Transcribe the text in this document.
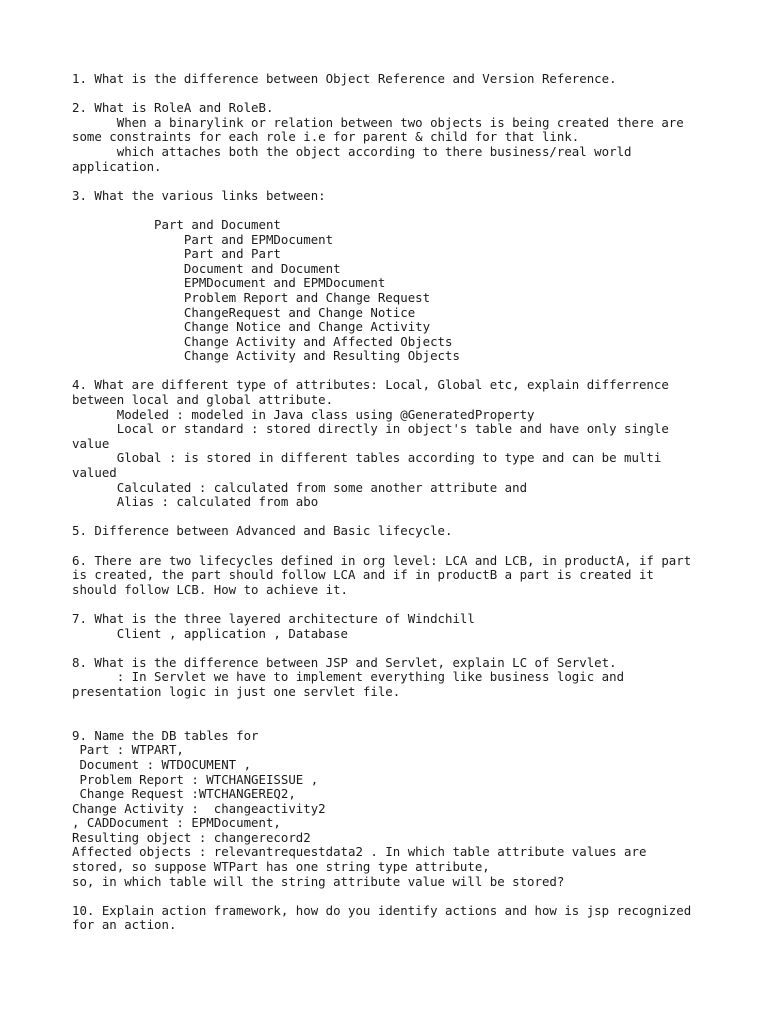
1. What is the difference between Object Reference and Version Reference.
2. What is RoleA and RoleB.
When a binarylink or relation between two objects is being created there are
some constraints for each role i.e for parent & child for that link.
which attaches both the object according to there business/real world
application.
3. What the various links between:
Part and Document
Part and EPMDocument
Part and Part
Document and Document
EPMDocument and EPMDocument
Problem Report and Change Request
ChangeRequest and Change Notice
Change Notice and Change Activity
Change Activity and Affected Objects
Change Activity and Resulting Objects
4. What are different type of attributes: Local, Global etc, explain differrence
between local and global attribute.
Modeled : modeled in Java class using @GeneratedProperty
Local or standard : stored directly in object's table and have only single
value
Global : is stored in different tables according to type and can be multi
valued
Calculated : calculated from some another attribute and
Alias : calculated from abo
5. Difference between Advanced and Basic lifecycle.
6. There are two lifecycles defined in org level: LCA and LCB, in productA, if part
is created, the part should follow LCA and if in productB a part is created it
should follow LCB. How to achieve it.
7. What is the three layered architecture of Windchill
Client , application , Database
8. What is the difference between JSP and Servlet, explain LC of Servlet.
: In Servlet we have to implement everything like business logic and
presentation logic in just one servlet file.
9. Name the DB tables for
Part : WTPART,
Document : WTDOCUMENT ,
Problem Report : WTCHANGEISSUE ,
Change Request :WTCHANGEREQ2,
Change Activity :  changeactivity2
, CADDocument : EPMDocument,
Resulting object : changerecord2
Affected objects : relevantrequestdata2 . In which table attribute values are
stored, so suppose WTPart has one string type attribute,
so, in which table will the string attribute value will be stored?
10. Explain action framework, how do you identify actions and how is jsp recognized
for an action.
